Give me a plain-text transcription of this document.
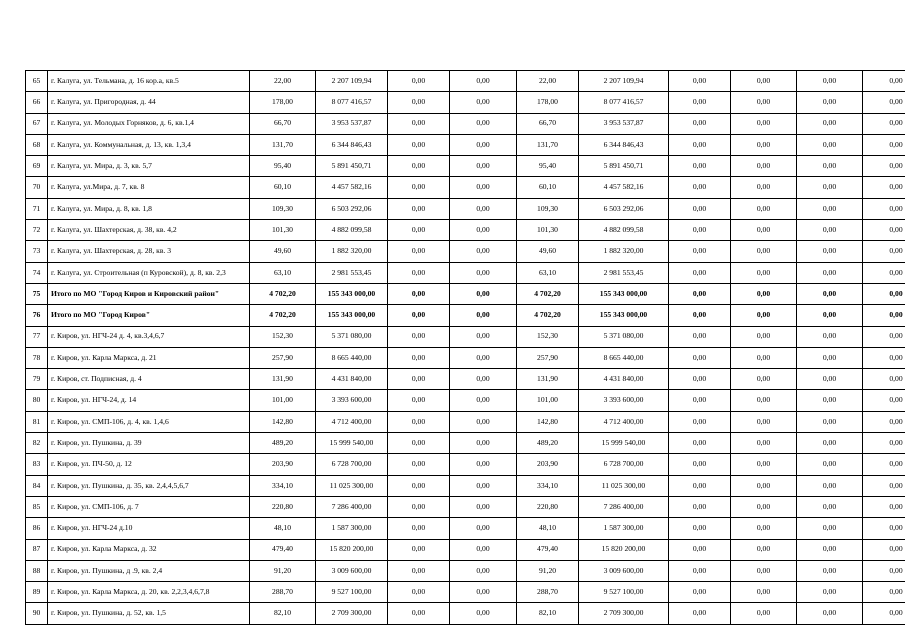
65	г. Калуга, ул. Тельмана, д. 16 кор.а, кв.5	22,00	2 207 109,94	0,00	0,00	22,00	2 207 109,94	0,00	0,00	0,00	0,00
66	г. Калуга, ул. Пригородная, д. 44	178,00	8 077 416,57	0,00	0,00	178,00	8 077 416,57	0,00	0,00	0,00	0,00
67	г. Калуга, ул. Молодых Горняков, д. 6, кв.1,4	66,70	3 953 537,87	0,00	0,00	66,70	3 953 537,87	0,00	0,00	0,00	0,00
68	г. Калуга, ул. Коммунальная, д. 13, кв. 1,3,4	131,70	6 344 846,43	0,00	0,00	131,70	6 344 846,43	0,00	0,00	0,00	0,00
69	г. Калуга, ул. Мира, д. 3, кв. 5,7	95,40	5 891 450,71	0,00	0,00	95,40	5 891 450,71	0,00	0,00	0,00	0,00
70	г. Калуга, ул.Мира, д. 7, кв. 8	60,10	4 457 582,16	0,00	0,00	60,10	4 457 582,16	0,00	0,00	0,00	0,00
71	г. Калуга, ул. Мира, д. 8, кв. 1,8	109,30	6 503 292,06	0,00	0,00	109,30	6 503 292,06	0,00	0,00	0,00	0,00
72	г. Калуга, ул. Шахтерская, д. 38, кв. 4,2	101,30	4 882 099,58	0,00	0,00	101,30	4 882 099,58	0,00	0,00	0,00	0,00
73	г. Калуга, ул. Шахтерская, д. 28, кв. 3	49,60	1 882 320,00	0,00	0,00	49,60	1 882 320,00	0,00	0,00	0,00	0,00
74	г. Калуга, ул. Строительная (п Куровской), д. 8, кв. 2,3	63,10	2 981 553,45	0,00	0,00	63,10	2 981 553,45	0,00	0,00	0,00	0,00
75	Итого по МО "Город Киров и Кировский район"	4 702,20	155 343 000,00	0,00	0,00	4 702,20	155 343 000,00	0,00	0,00	0,00	0,00
76	Итого по МО "Город Киров"	4 702,20	155 343 000,00	0,00	0,00	4 702,20	155 343 000,00	0,00	0,00	0,00	0,00
77	г. Киров, ул. НГЧ-24 д. 4, кв.3,4,6,7	152,30	5 371 080,00	0,00	0,00	152,30	5 371 080,00	0,00	0,00	0,00	0,00
78	г. Киров, ул. Карла Маркса, д. 21	257,90	8 665 440,00	0,00	0,00	257,90	8 665 440,00	0,00	0,00	0,00	0,00
79	г. Киров, ст. Подписная, д. 4	131,90	4 431 840,00	0,00	0,00	131,90	4 431 840,00	0,00	0,00	0,00	0,00
80	г. Киров, ул. НГЧ-24, д. 14	101,00	3 393 600,00	0,00	0,00	101,00	3 393 600,00	0,00	0,00	0,00	0,00
81	г. Киров, ул. СМП-106, д. 4, кв. 1,4,6	142,80	4 712 400,00	0,00	0,00	142,80	4 712 400,00	0,00	0,00	0,00	0,00
82	г. Киров, ул. Пушкина, д. 39	489,20	15 999 540,00	0,00	0,00	489,20	15 999 540,00	0,00	0,00	0,00	0,00
83	г. Киров, ул. ПЧ-50, д. 12	203,90	6 728 700,00	0,00	0,00	203,90	6 728 700,00	0,00	0,00	0,00	0,00
84	г. Киров, ул. Пушкина, д. 35, кв. 2,4,4,5,6,7	334,10	11 025 300,00	0,00	0,00	334,10	11 025 300,00	0,00	0,00	0,00	0,00
85	г. Киров, ул. СМП-106, д. 7	220,80	7 286 400,00	0,00	0,00	220,80	7 286 400,00	0,00	0,00	0,00	0,00
86	г. Киров, ул. НГЧ-24 д.10	48,10	1 587 300,00	0,00	0,00	48,10	1 587 300,00	0,00	0,00	0,00	0,00
87	г. Киров, ул. Карла Маркса, д. 32	479,40	15 820 200,00	0,00	0,00	479,40	15 820 200,00	0,00	0,00	0,00	0,00
88	г. Киров, ул. Пушкина, д .9, кв. 2,4	91,20	3 009 600,00	0,00	0,00	91,20	3 009 600,00	0,00	0,00	0,00	0,00
89	г. Киров, ул. Карла Маркса, д. 20, кв. 2,2,3,4,6,7,8	288,70	9 527 100,00	0,00	0,00	288,70	9 527 100,00	0,00	0,00	0,00	0,00
90	г. Киров, ул. Пушкина, д. 52, кв. 1,5	82,10	2 709 300,00	0,00	0,00	82,10	2 709 300,00	0,00	0,00	0,00	0,00
